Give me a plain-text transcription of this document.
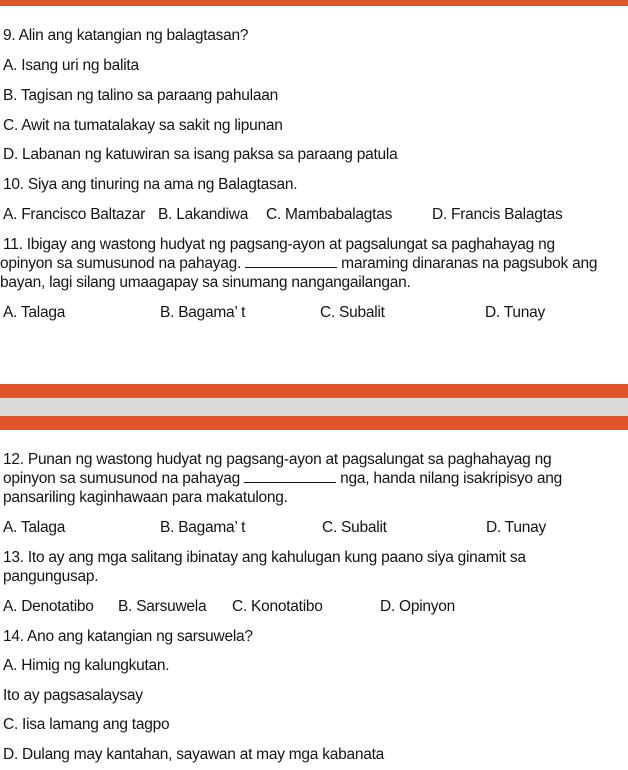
9. Alin ang katangian ng balagtasan?
A. Isang uri ng balita
B. Tagisan ng talino sa paraang pahulaan
C. Awit na tumatalakay sa sakit ng lipunan
D. Labanan ng katuwiran sa isang paksa sa paraang patula
10. Siya ang tinuring na ama ng Balagtasan.
A. Francisco Baltazar B. Lakandiwa C. Mambabalagtas	D. Francis Balagtas
11. Ibigay ang wastong hudyat ng pagsang-ayon at pagsalungat sa paghahayag ng
opinyon sa sumusunod na pahayag.	maraming dinaranas na pagsubok ang
bayan, lagi silang umaagapay sa sinumang nangangailangan.
A. Talaga	B. Bagama’ t	C. Subalit	D. Tunay
12. Punan ng wastong hudyat ng pagsang-ayon at pagsalungat sa paghahayag ng
opinyon sa sumusunod na pahayag	nga, handa nilang isakripisyo ang
pansariling kaginhawaan para makatulong.
A. Talaga	B. Bagama’ t	C. Subalit	D. Tunay
13. Ito ay ang mga salitang ibinatay ang kahulugan kung paano siya ginamit sa
pangungusap.
A. Denotatibo B. Sarsuwela C. Konotatibo	D. Opinyon
14. Ano ang katangian ng sarsuwela?
A. Himig ng kalungkutan.
Ito ay pagsasalaysay
C. Iisa lamang ang tagpo
D. Dulang may kantahan, sayawan at may mga kabanata
